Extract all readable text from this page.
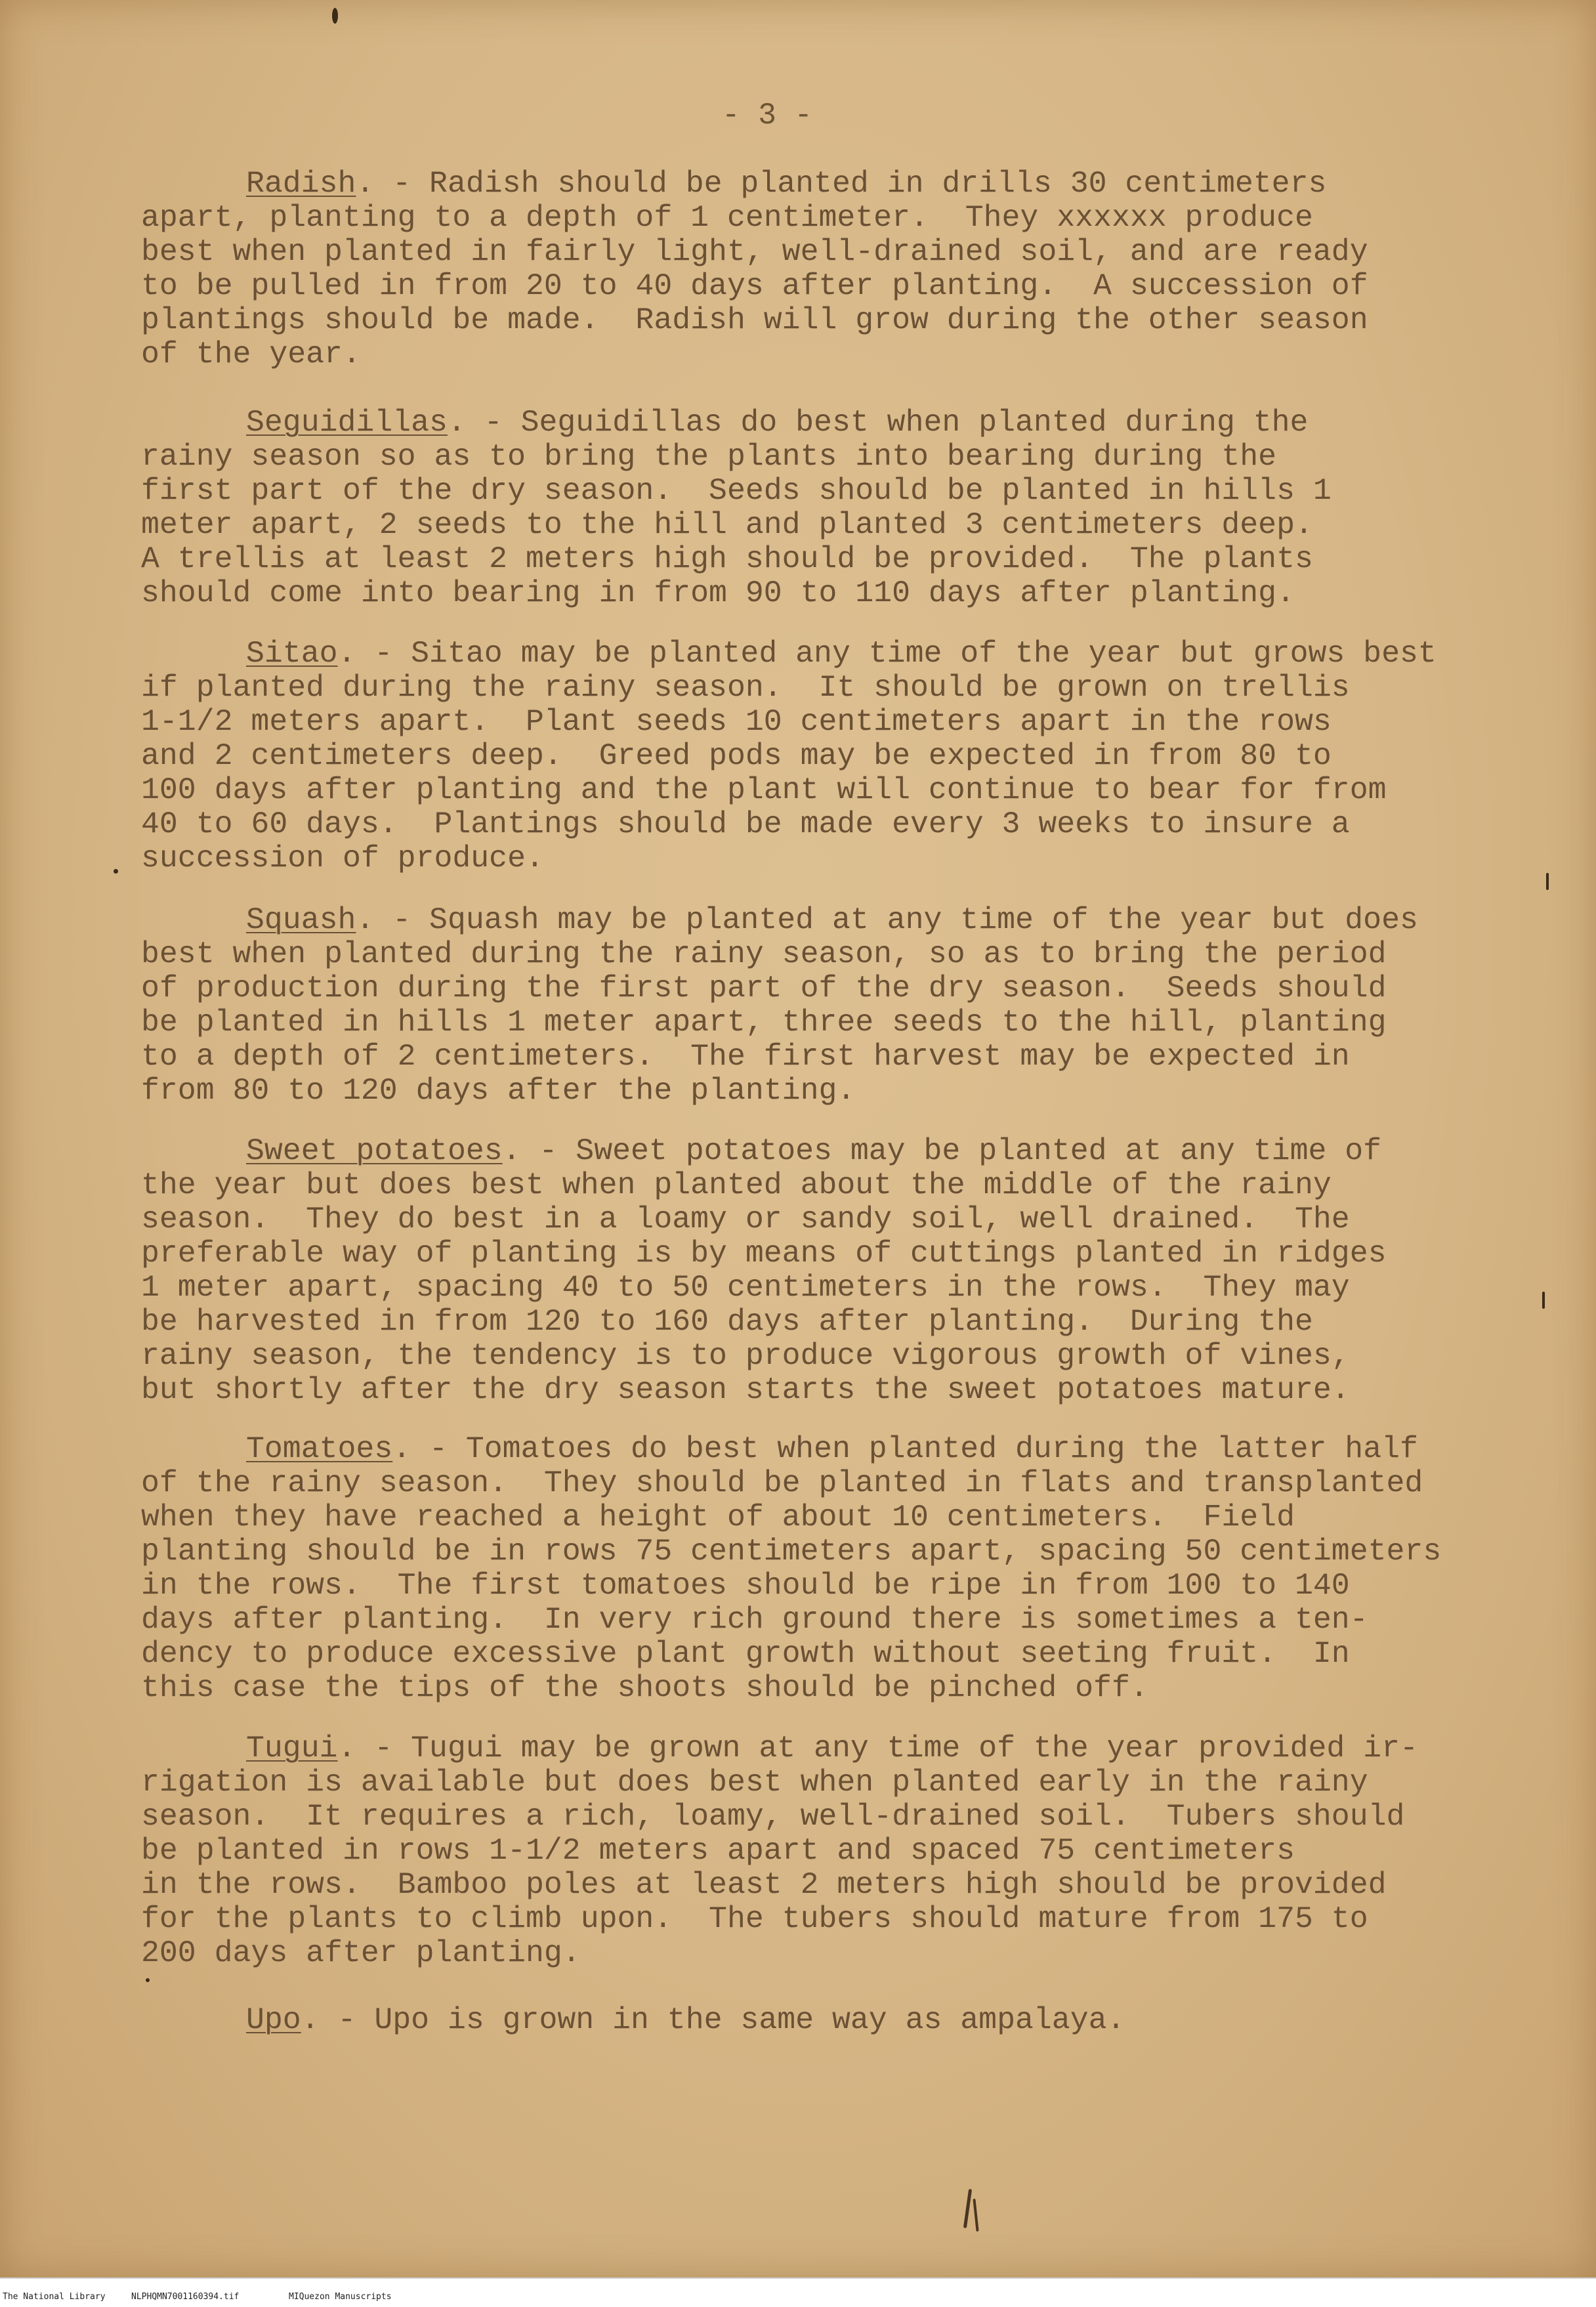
- 3 -
Radish. - Radish should be planted in drills 30 centimeters
apart, planting to a depth of 1 centimeter.  They xxxxxx produce
best when planted in fairly light, well-drained soil, and are ready
to be pulled in from 20 to 40 days after planting.  A succession of
plantings should be made.  Radish will grow during the other season
of the year.
Seguidillas. - Seguidillas do best when planted during the
rainy season so as to bring the plants into bearing during the
first part of the dry season.  Seeds should be planted in hills 1
meter apart, 2 seeds to the hill and planted 3 centimeters deep.
A trellis at least 2 meters high should be provided.  The plants
should come into bearing in from 90 to 110 days after planting.
Sitao. - Sitao may be planted any time of the year but grows best
if planted during the rainy season.  It should be grown on trellis
1-1/2 meters apart.  Plant seeds 10 centimeters apart in the rows
and 2 centimeters deep.  Greed pods may be expected in from 80 to
100 days after planting and the plant will continue to bear for from
40 to 60 days.  Plantings should be made every 3 weeks to insure a
succession of produce.
Squash. - Squash may be planted at any time of the year but does
best when planted during the rainy season, so as to bring the period
of production during the first part of the dry season.  Seeds should
be planted in hills 1 meter apart, three seeds to the hill, planting
to a depth of 2 centimeters.  The first harvest may be expected in
from 80 to 120 days after the planting.
Sweet potatoes. - Sweet potatoes may be planted at any time of
the year but does best when planted about the middle of the rainy
season.  They do best in a loamy or sandy soil, well drained.  The
preferable way of planting is by means of cuttings planted in ridges
1 meter apart, spacing 40 to 50 centimeters in the rows.  They may
be harvested in from 120 to 160 days after planting.  During the
rainy season, the tendency is to produce vigorous growth of vines,
but shortly after the dry season starts the sweet potatoes mature.
Tomatoes. - Tomatoes do best when planted during the latter half
of the rainy season.  They should be planted in flats and transplanted
when they have reached a height of about 10 centimeters.  Field
planting should be in rows 75 centimeters apart, spacing 50 centimeters
in the rows.  The first tomatoes should be ripe in from 100 to 140
days after planting.  In very rich ground there is sometimes a ten-
dency to produce excessive plant growth without seeting fruit.  In
this case the tips of the shoots should be pinched off.
Tugui. - Tugui may be grown at any time of the year provided ir-
rigation is available but does best when planted early in the rainy
season.  It requires a rich, loamy, well-drained soil.  Tubers should
be planted in rows 1-1/2 meters apart and spaced 75 centimeters
in the rows.  Bamboo poles at least 2 meters high should be provided
for the plants to climb upon.  The tubers should mature from 175 to
200 days after planting.
Upo. - Upo is grown in the same way as ampalaya.
The National Library	NLPHQMN7001160394.tif	MIQuezon Manuscripts
